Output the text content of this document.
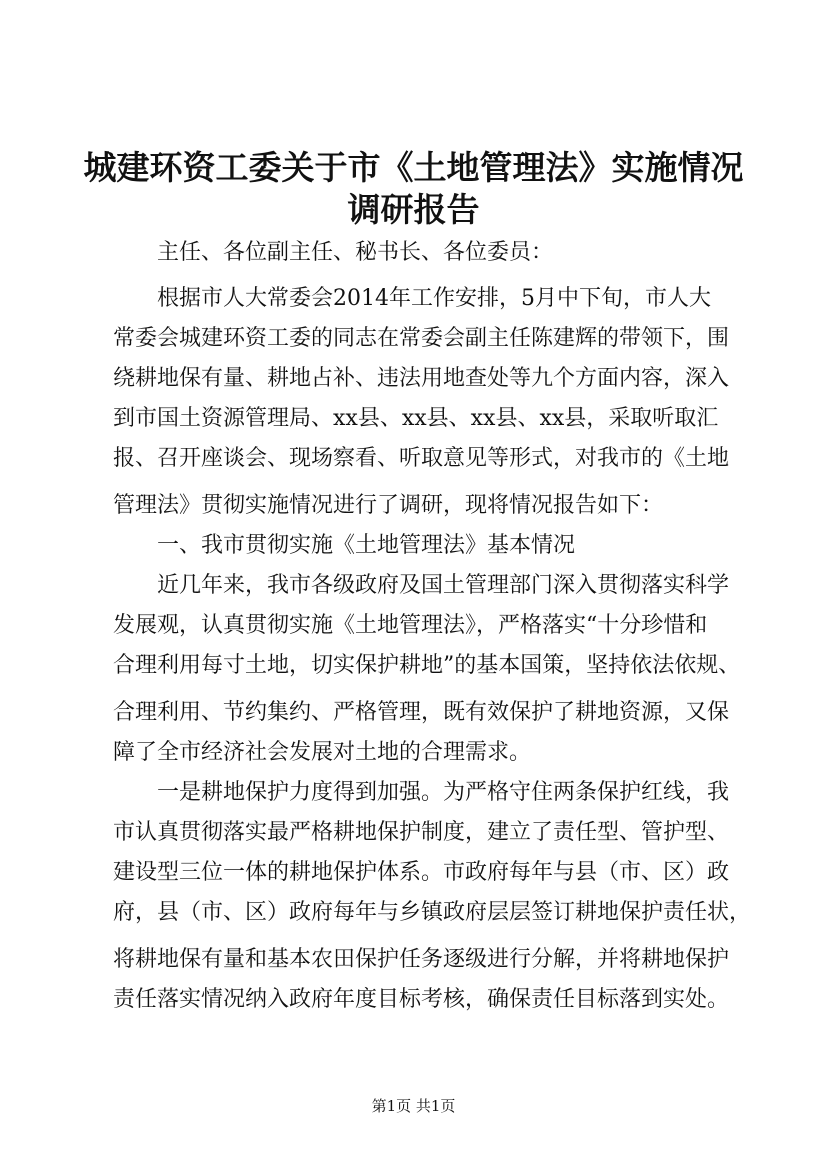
城建环资工委关于市《土地管理法》实施情况
调研报告
　　主任、各位副主任、秘书长、各位委员：
　　根据市人大常委会2014年工作安排，5月中下旬，市人大
常委会城建环资工委的同志在常委会副主任陈建辉的带领下，围
绕耕地保有量、耕地占补、违法用地查处等九个方面内容，深入
到市国土资源管理局、xx县、xx县、xx县、xx县，采取听取汇
报、召开座谈会、现场察看、听取意见等形式，对我市的《土地
管理法》贯彻实施情况进行了调研，现将情况报告如下：
　　一、我市贯彻实施《土地管理法》基本情况
　　近几年来，我市各级政府及国土管理部门深入贯彻落实科学
发展观，认真贯彻实施《土地管理法》，严格落实“十分珍惜和
合理利用每寸土地，切实保护耕地”的基本国策，坚持依法依规、
合理利用、节约集约、严格管理，既有效保护了耕地资源，又保
障了全市经济社会发展对土地的合理需求。
　　一是耕地保护力度得到加强。为严格守住两条保护红线，我
市认真贯彻落实最严格耕地保护制度，建立了责任型、管护型、
建设型三位一体的耕地保护体系。市政府每年与县（市、区）政
府，县（市、区）政府每年与乡镇政府层层签订耕地保护责任状，
将耕地保有量和基本农田保护任务逐级进行分解，并将耕地保护
责任落实情况纳入政府年度目标考核，确保责任目标落到实处。
第1页 共1页
